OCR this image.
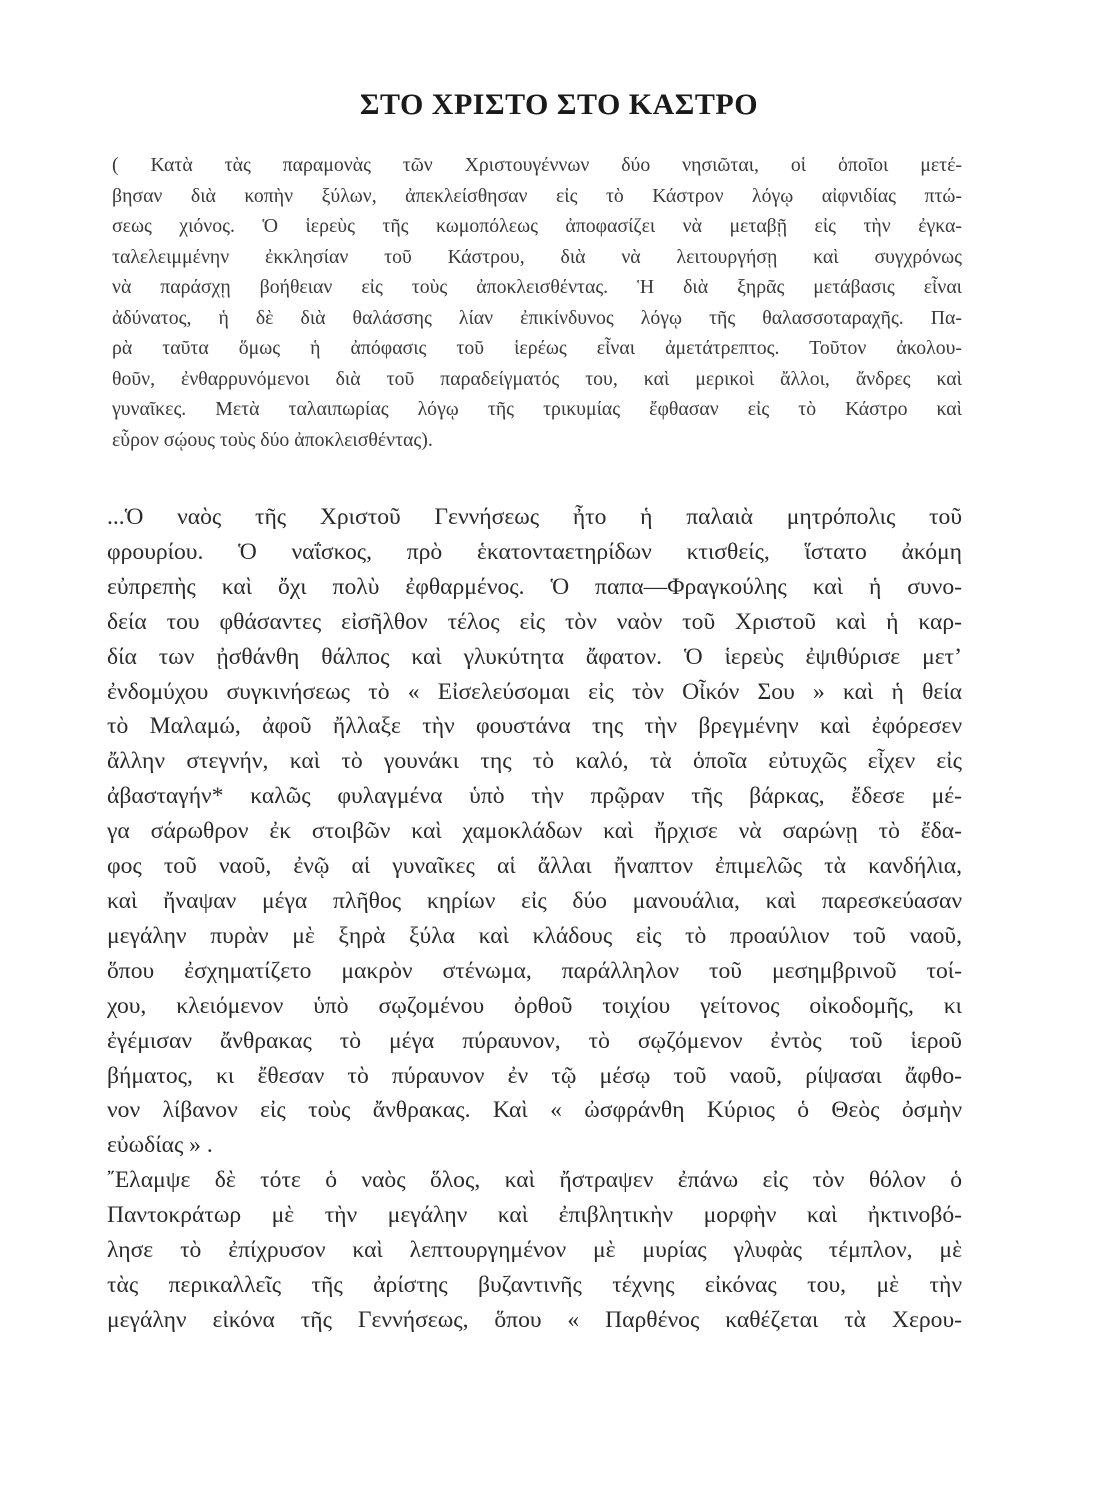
ΣΤΟ ΧΡΙΣΤΟ ΣΤΟ ΚΑΣΤΡΟ
( Κατὰ τὰς παραμονὰς τῶν Χριστουγέννων δύο νησιῶται, οἱ ὁποῖοι μετέ-
βησαν διὰ κοπὴν ξύλων, ἀπεκλείσθησαν εἰς τὸ Κάστρον λόγῳ αἰφνιδίας πτώ-
σεως χιόνος. Ὁ ἱερεὺς τῆς κωμοπόλεως ἀποφασίζει νὰ μεταβῇ εἰς τὴν ἐγκα-
ταλελειμμένην ἐκκλησίαν τοῦ Κάστρου, διὰ νὰ λειτουργήσῃ καὶ συγχρόνως
νὰ παράσχῃ βοήθειαν εἰς τοὺς ἀποκλεισθέντας. Ἡ διὰ ξηρᾶς μετάβασις εἶναι
ἀδύνατος, ἡ δὲ διὰ θαλάσσης λίαν ἐπικίνδυνος λόγῳ τῆς θαλασσοταραχῆς. Πα-
ρὰ ταῦτα ὅμως ἡ ἀπόφασις τοῦ ἱερέως εἶναι ἀμετάτρεπτος. Τοῦτον ἀκολου-
θοῦν, ἐνθαρρυνόμενοι διὰ τοῦ παραδείγματός του, καὶ μερικοὶ ἄλλοι, ἄνδρες καὶ
γυναῖκες. Μετὰ ταλαιπωρίας λόγῳ τῆς τρικυμίας ἔφθασαν εἰς τὸ Κάστρο καὶ
εὗρον σῴους τοὺς δύο ἀποκλεισθέντας).
...Ὁ ναὸς τῆς Χριστοῦ Γεννήσεως ἦτο ἡ παλαιὰ μητρόπολις τοῦ
φρουρίου. Ὁ ναΐσκος, πρὸ ἑκατονταετηρίδων κτισθείς, ἵστατο ἀκόμη
εὐπρεπὴς καὶ ὄχι πολὺ ἐφθαρμένος. Ὁ παπα—Φραγκούλης καὶ ἡ συνο-
δεία του φθάσαντες εἰσῆλθον τέλος εἰς τὸν ναὸν τοῦ Χριστοῦ καὶ ἡ καρ-
δία των ᾐσθάνθη θάλπος καὶ γλυκύτητα ἄφατον. Ὁ ἱερεὺς ἐψιθύρισε μετ’
ἐνδομύχου συγκινήσεως τὸ « Εἰσελεύσομαι εἰς τὸν Οἶκόν Σου » καὶ ἡ θεία
τὸ Μαλαμώ, ἀφοῦ ἤλλαξε τὴν φουστάνα της τὴν βρεγμένην καὶ ἐφόρεσεν
ἄλλην στεγνήν, καὶ τὸ γουνάκι της τὸ καλό, τὰ ὁποῖα εὐτυχῶς εἶχεν εἰς
ἀβασταγήν* καλῶς φυλαγμένα ὑπὸ τὴν πρῷραν τῆς βάρκας, ἔδεσε μέ-
γα σάρωθρον ἐκ στοιβῶν καὶ χαμοκλάδων καὶ ἤρχισε νὰ σαρώνῃ τὸ ἔδα-
φος τοῦ ναοῦ, ἐνῷ αἱ γυναῖκες αἱ ἄλλαι ἤναπτον ἐπιμελῶς τὰ κανδήλια,
καὶ ἤναψαν μέγα πλῆθος κηρίων εἰς δύο μανουάλια, καὶ παρεσκεύασαν
μεγάλην πυρὰν μὲ ξηρὰ ξύλα καὶ κλάδους εἰς τὸ προαύλιον τοῦ ναοῦ,
ὅπου ἐσχηματίζετο μακρὸν στένωμα, παράλληλον τοῦ μεσημβρινοῦ τοί-
χου, κλειόμενον ὑπὸ σῳζομένου ὀρθοῦ τοιχίου γείτονος οἰκοδομῆς, κι
ἐγέμισαν ἄνθρακας τὸ μέγα πύραυνον, τὸ σῳζόμενον ἐντὸς τοῦ ἱεροῦ
βήματος, κι ἔθεσαν τὸ πύραυνον ἐν τῷ μέσῳ τοῦ ναοῦ, ρίψασαι ἄφθο-
νον λίβανον εἰς τοὺς ἄνθρακας. Καὶ « ὠσφράνθη Κύριος ὁ Θεὸς ὀσμὴν
εὐωδίας » .
῎Ελαμψε δὲ τότε ὁ ναὸς ὅλος, καὶ ἤστραψεν ἐπάνω εἰς τὸν θόλον ὁ
Παντοκράτωρ μὲ τὴν μεγάλην καὶ ἐπιβλητικὴν μορφὴν καὶ ἠκτινοβό-
λησε τὸ ἐπίχρυσον καὶ λεπτουργημένον μὲ μυρίας γλυφὰς τέμπλον, μὲ
τὰς περικαλλεῖς τῆς ἀρίστης βυζαντινῆς τέχνης εἰκόνας του, μὲ τὴν
μεγάλην εἰκόνα τῆς Γεννήσεως, ὅπου « Παρθένος καθέζεται τὰ Χερου-
